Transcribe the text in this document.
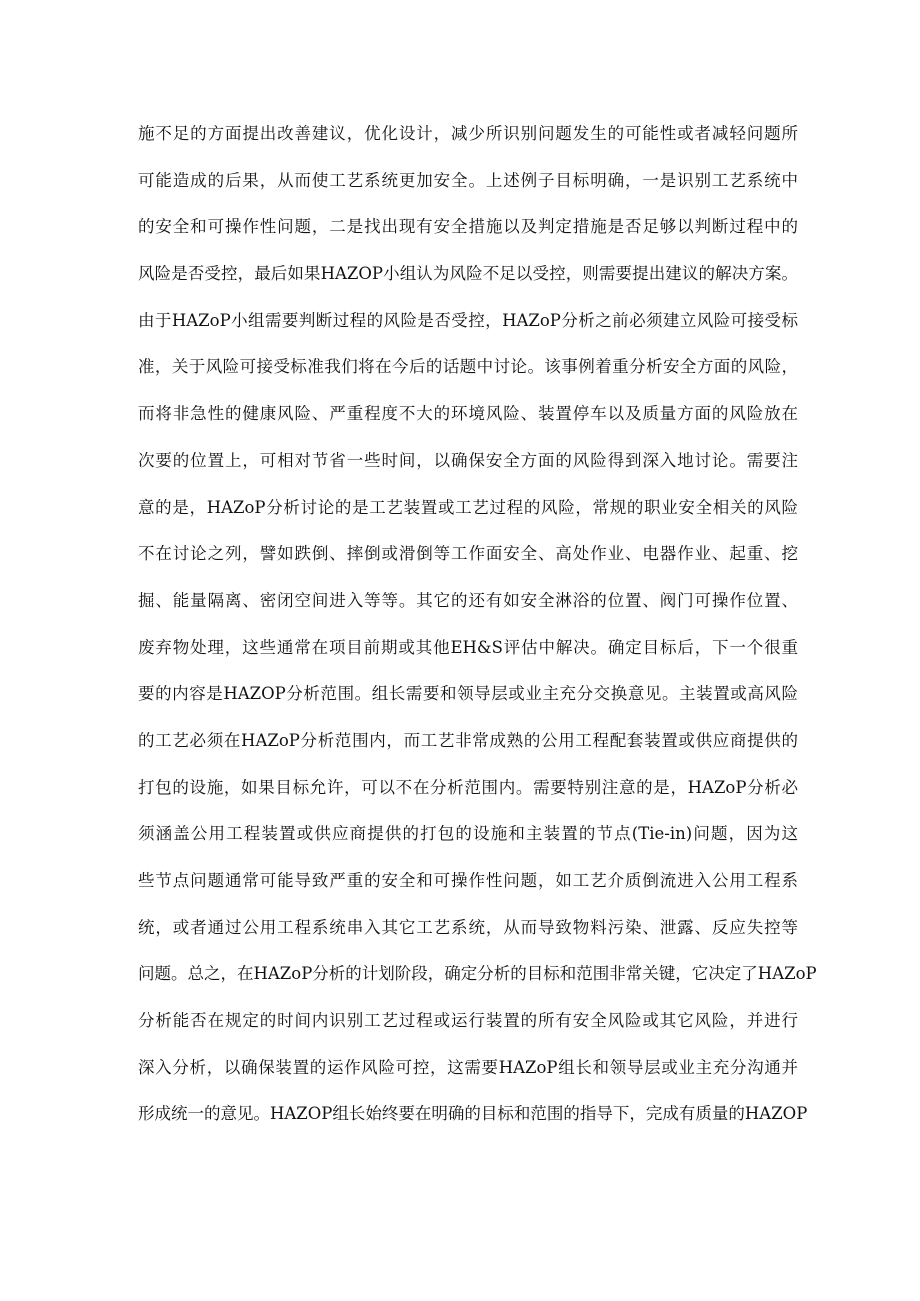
施不足的方面提出改善建议，优化设计，减少所识别问题发生的可能性或者减轻问题所
可能造成的后果，从而使工艺系统更加安全。上述例子目标明确，一是识别工艺系统中
的安全和可操作性问题，二是找出现有安全措施以及判定措施是否足够以判断过程中的
风险是否受控，最后如果HAZOP小组认为风险不足以受控，则需要提出建议的解决方案。
由于HAZoP小组需要判断过程的风险是否受控，HAZoP分析之前必须建立风险可接受标
准，关于风险可接受标准我们将在今后的话题中讨论。该事例着重分析安全方面的风险，
而将非急性的健康风险、严重程度不大的环境风险、装置停车以及质量方面的风险放在
次要的位置上，可相对节省一些时间，以确保安全方面的风险得到深入地讨论。需要注
意的是，HAZoP分析讨论的是工艺装置或工艺过程的风险，常规的职业安全相关的风险
不在讨论之列，譬如跌倒、摔倒或滑倒等工作面安全、高处作业、电器作业、起重、挖
掘、能量隔离、密闭空间进入等等。其它的还有如安全淋浴的位置、阀门可操作位置、
废弃物处理，这些通常在项目前期或其他EH&S评估中解决。确定目标后，下一个很重
要的内容是HAZOP分析范围。组长需要和领导层或业主充分交换意见。主装置或高风险
的工艺必须在HAZoP分析范围内，而工艺非常成熟的公用工程配套装置或供应商提供的
打包的设施，如果目标允许，可以不在分析范围内。需要特别注意的是，HAZoP分析必
须涵盖公用工程装置或供应商提供的打包的设施和主装置的节点(Tie-in)问题，因为这
些节点问题通常可能导致严重的安全和可操作性问题，如工艺介质倒流进入公用工程系
统，或者通过公用工程系统串入其它工艺系统，从而导致物料污染、泄露、反应失控等
问题。总之，在HAZoP分析的计划阶段，确定分析的目标和范围非常关键，它决定了HAZoP
分析能否在规定的时间内识别工艺过程或运行装置的所有安全风险或其它风险，并进行
深入分析，以确保装置的运作风险可控，这需要HAZoP组长和领导层或业主充分沟通并
形成统一的意见。HAZOP组长始终要在明确的目标和范围的指导下，完成有质量的HAZOP
